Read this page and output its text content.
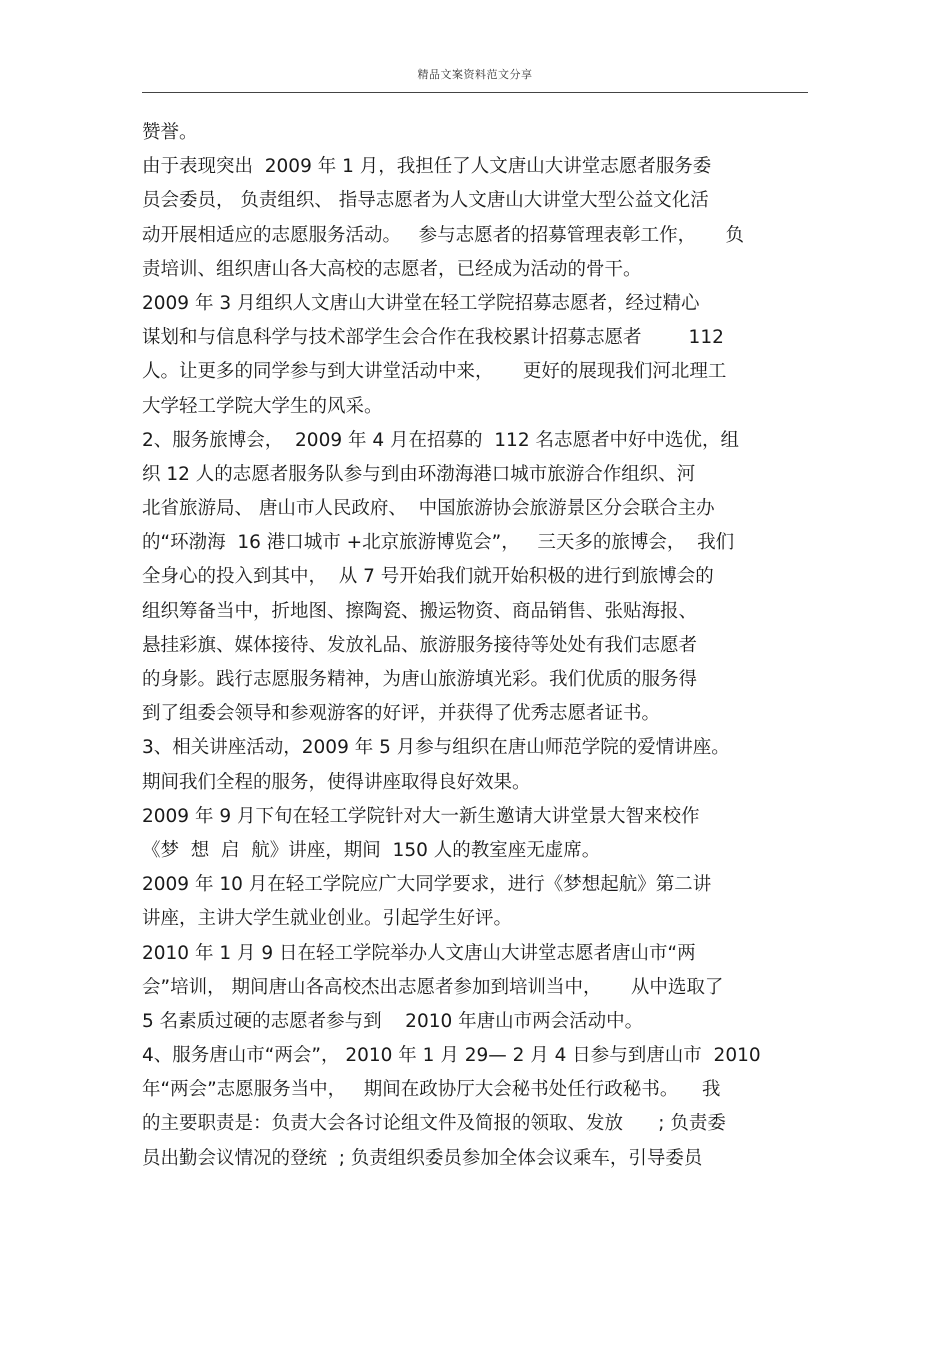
精品文案资料范文分享
赞誉。
由于表现突出  2009 年 1 月，我担任了人文唐山大讲堂志愿者服务委
员会委员， 负责组织、 指导志愿者为人文唐山大讲堂大型公益文化活
动开展相适应的志愿服务活动。   参与志愿者的招募管理表彰工作，     负
责培训、组织唐山各大高校的志愿者，已经成为活动的骨干。
2009 年 3 月组织人文唐山大讲堂在轻工学院招募志愿者，经过精心
谋划和与信息科学与技术部学生会合作在我校累计招募志愿者        112
人。让更多的同学参与到大讲堂活动中来，     更好的展现我们河北理工
大学轻工学院大学生的风采。
2、服务旅博会，  2009 年 4 月在招募的  112 名志愿者中好中选优，组
织 12 人的志愿者服务队参与到由环渤海港口城市旅游合作组织、河
北省旅游局、 唐山市人民政府、  中国旅游协会旅游景区分会联合主办
的“环渤海  16 港口城市 +北京旅游博览会”，   三天多的旅博会，  我们
全身心的投入到其中，  从 7 号开始我们就开始积极的进行到旅博会的
组织筹备当中，折地图、擦陶瓷、搬运物资、商品销售、张贴海报、
悬挂彩旗、媒体接待、发放礼品、旅游服务接待等处处有我们志愿者
的身影。践行志愿服务精神，为唐山旅游填光彩。我们优质的服务得
到了组委会领导和参观游客的好评，并获得了优秀志愿者证书。
3、相关讲座活动，2009 年 5 月参与组织在唐山师范学院的爱情讲座。
期间我们全程的服务，使得讲座取得良好效果。
2009 年 9 月下旬在轻工学院针对大一新生邀请大讲堂景大智来校作
《梦  想  启  航》讲座，期间  150 人的教室座无虚席。
2009 年 10 月在轻工学院应广大同学要求，进行《梦想起航》第二讲
讲座，主讲大学生就业创业。引起学生好评。
2010 年 1 月 9 日在轻工学院举办人文唐山大讲堂志愿者唐山市“两
会”培训， 期间唐山各高校杰出志愿者参加到培训当中，     从中选取了
5 名素质过硬的志愿者参与到    2010 年唐山市两会活动中。
4、服务唐山市“两会”， 2010 年 1 月 29— 2 月 4 日参与到唐山市  2010
年“两会”志愿服务当中，   期间在政协厅大会秘书处任行政秘书。    我
的主要职责是：负责大会各讨论组文件及简报的领取、发放      ; 负责委
员出勤会议情况的登统  ; 负责组织委员参加全体会议乘车，引导委员
